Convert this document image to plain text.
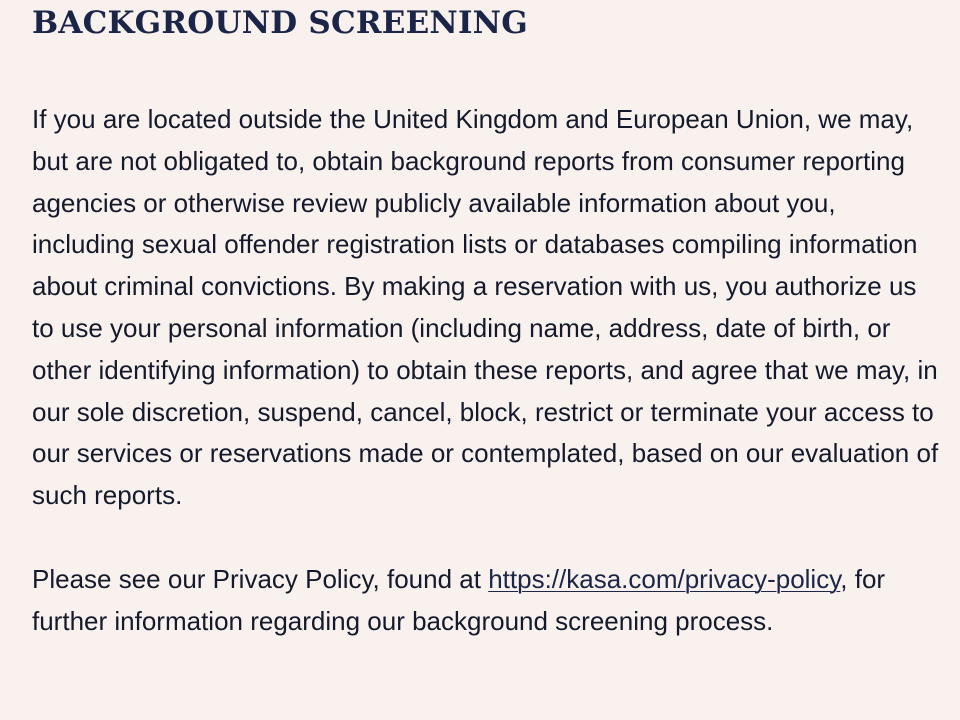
BACKGROUND SCREENING

If you are located outside the United Kingdom and European Union, we may, but are not obligated to, obtain background reports from consumer reporting agencies or otherwise review publicly available information about you, including sexual offender registration lists or databases compiling information about criminal convictions. By making a reservation with us, you authorize us to use your personal information (including name, address, date of birth, or other identifying information) to obtain these reports, and agree that we may, in our sole discretion, suspend, cancel, block, restrict or terminate your access to our services or reservations made or contemplated, based on our evaluation of such reports.

Please see our Privacy Policy, found at https://kasa.com/privacy-policy, for further information regarding our background screening process.
